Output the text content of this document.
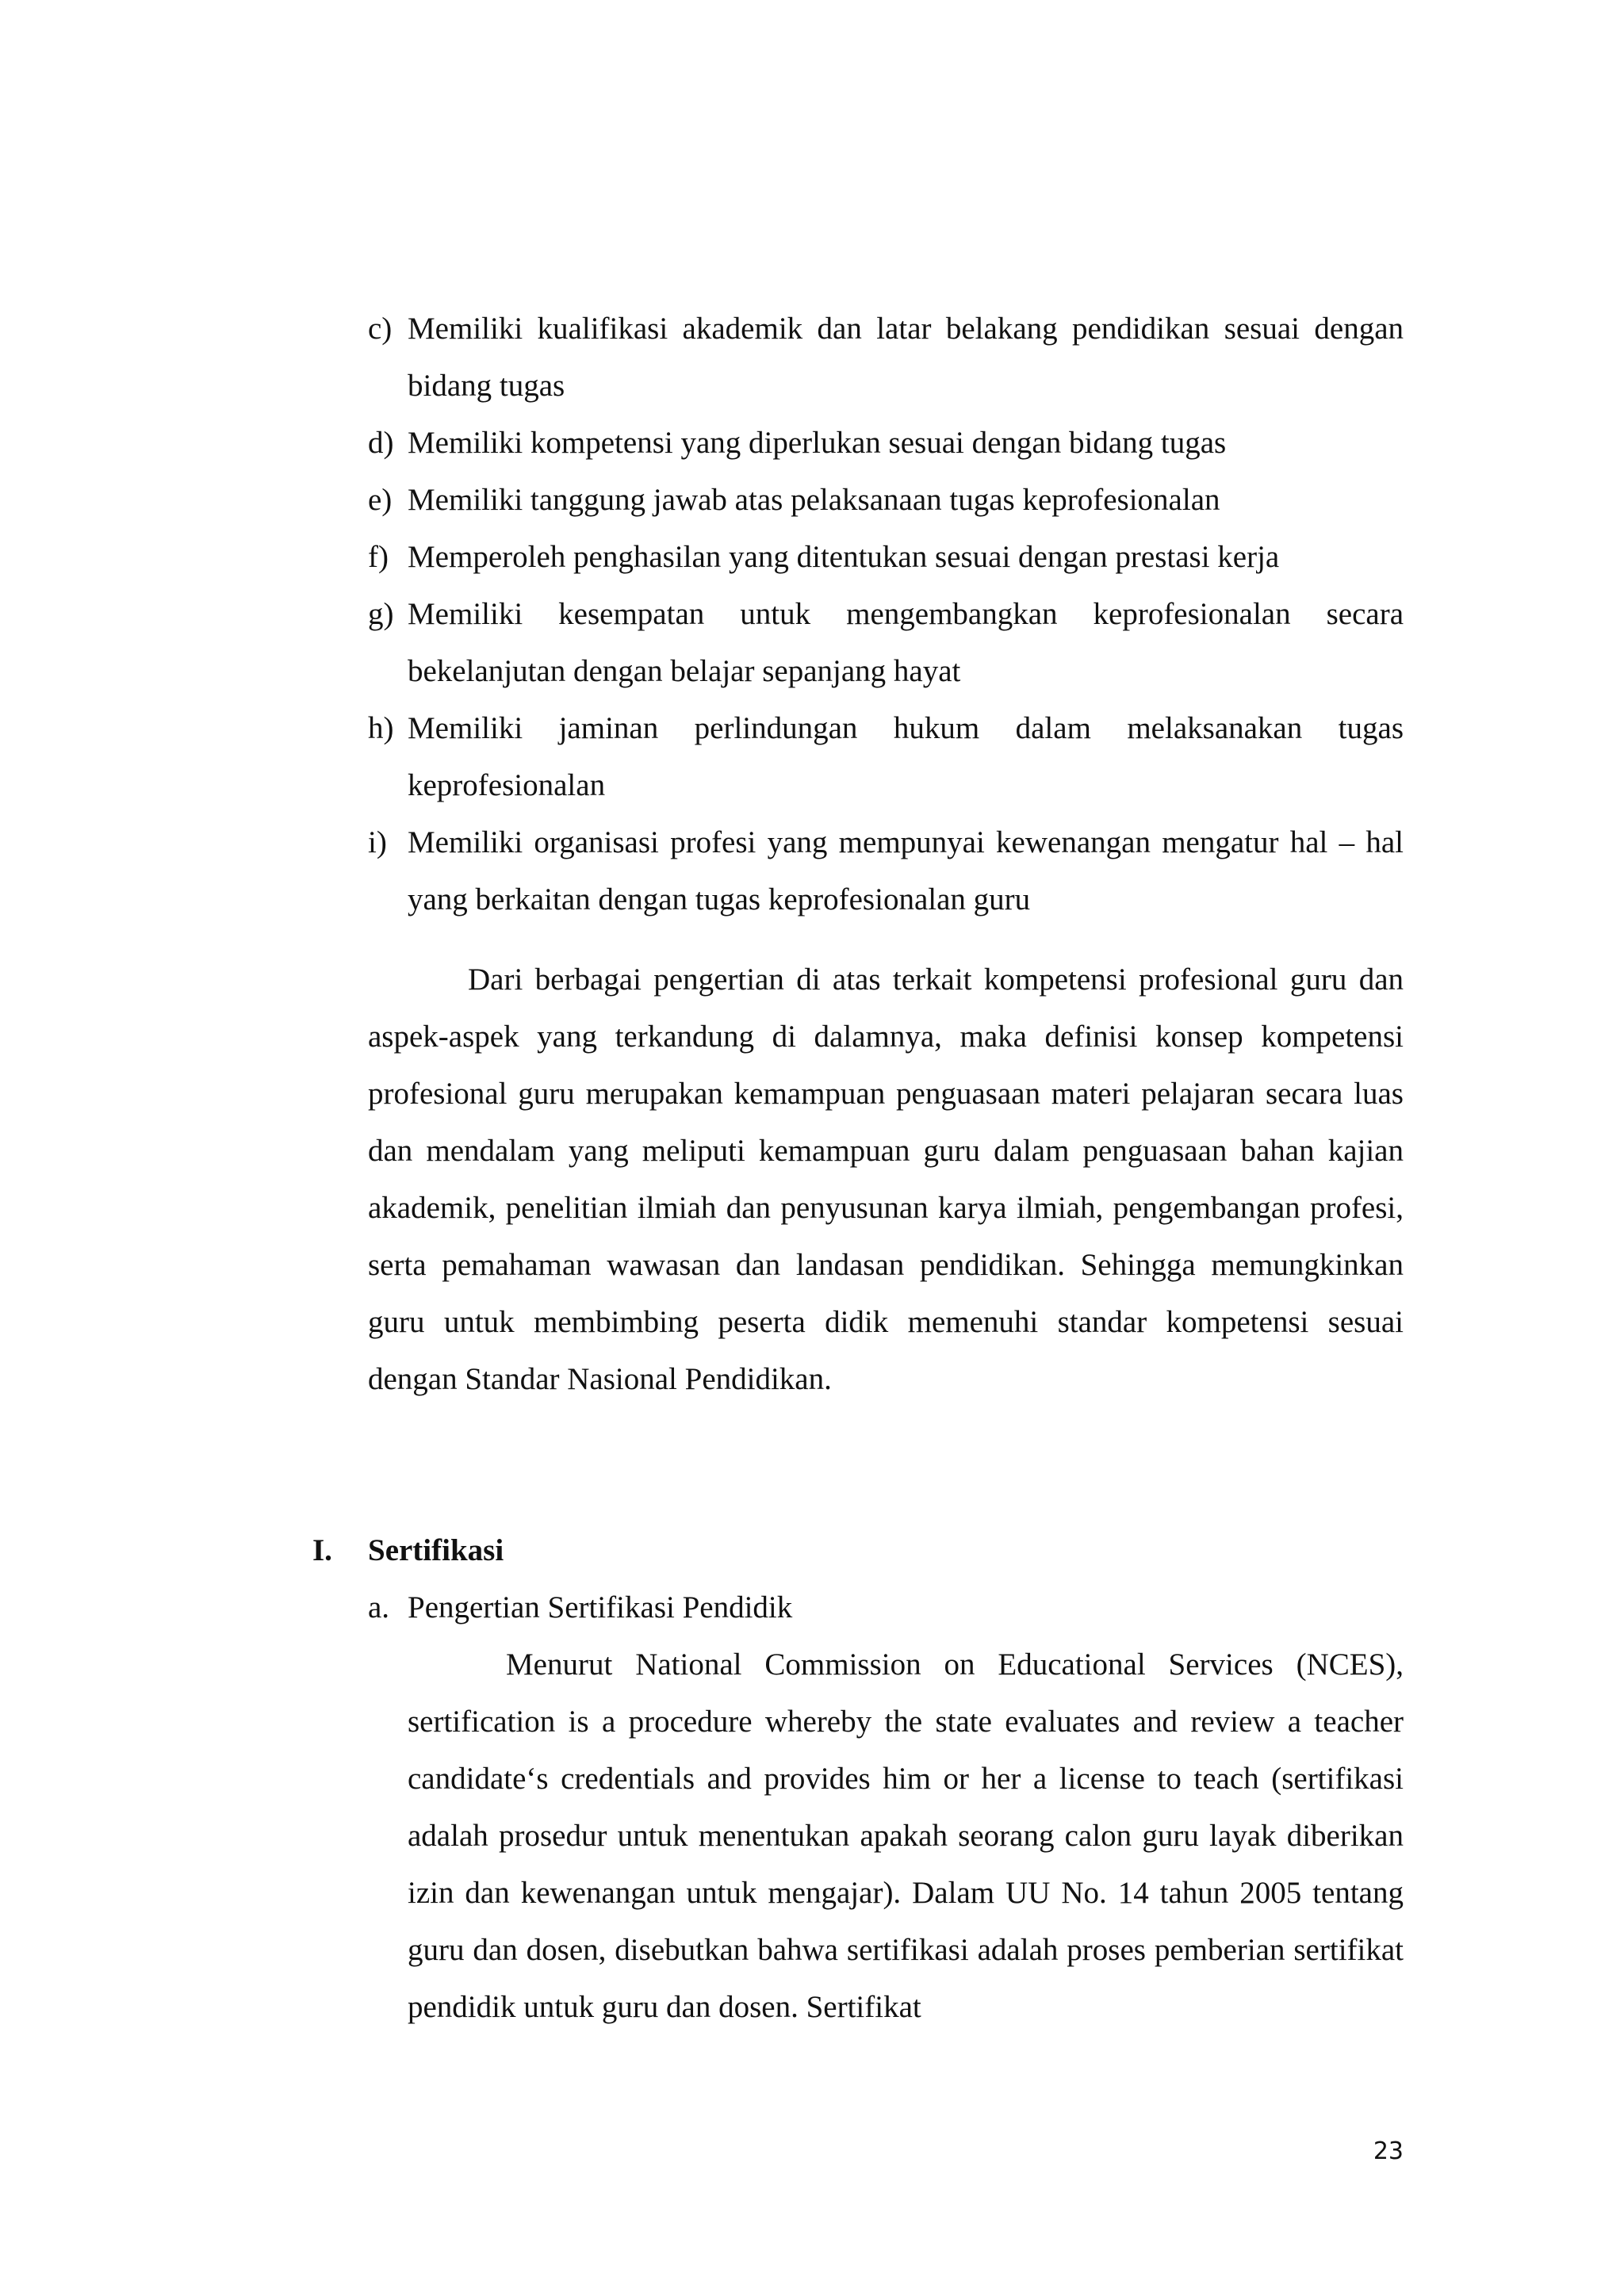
c) Memiliki kualifikasi akademik dan latar belakang pendidikan sesuai dengan bidang tugas
d) Memiliki kompetensi yang diperlukan sesuai dengan bidang tugas
e) Memiliki tanggung jawab atas pelaksanaan tugas keprofesionalan
f) Memperoleh penghasilan yang ditentukan sesuai dengan prestasi kerja
g) Memiliki kesempatan untuk mengembangkan keprofesionalan secara bekelanjutan dengan belajar sepanjang hayat
h) Memiliki jaminan perlindungan hukum dalam melaksanakan tugas keprofesionalan
i) Memiliki organisasi profesi yang mempunyai kewenangan mengatur hal – hal yang berkaitan dengan tugas keprofesionalan guru

Dari berbagai pengertian di atas terkait kompetensi profesional guru dan aspek-aspek yang terkandung di dalamnya, maka definisi konsep kompetensi profesional guru merupakan kemampuan penguasaan materi pelajaran secara luas dan mendalam yang meliputi kemampuan guru dalam penguasaan bahan kajian akademik, penelitian ilmiah dan penyusunan karya ilmiah, pengembangan profesi, serta pemahaman wawasan dan landasan pendidikan. Sehingga memungkinkan guru untuk membimbing peserta didik memenuhi standar kompetensi sesuai dengan Standar Nasional Pendidikan.

I.	Sertifikasi
a. Pengertian Sertifikasi Pendidik

Menurut National Commission on Educational Services (NCES), sertification is a procedure whereby the state evaluates and review a teacher candidate‘s credentials and provides him or her a license to teach (sertifikasi adalah prosedur untuk menentukan apakah seorang calon guru layak diberikan izin dan kewenangan untuk mengajar). Dalam UU No. 14 tahun 2005 tentang guru dan dosen, disebutkan bahwa sertifikasi adalah proses pemberian sertifikat pendidik untuk guru dan dosen. Sertifikat

23
